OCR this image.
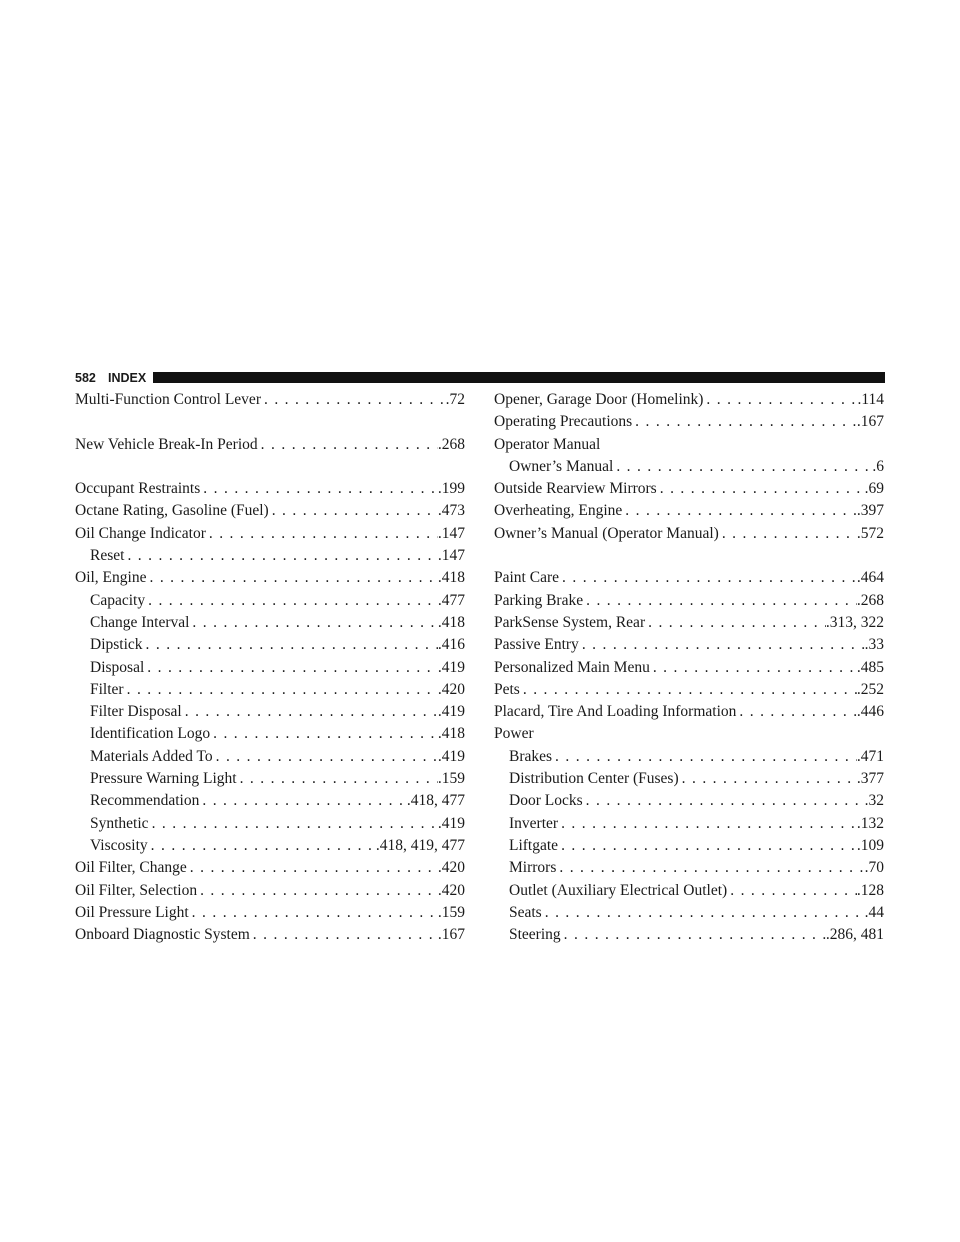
582 INDEX
Multi-Function Control Lever . . .	.72
New Vehicle Break-In Period . . .	.268
Occupant Restraints . . .	.199
Octane Rating, Gasoline (Fuel) . . .	.473
Oil Change Indicator . . .	.147
Reset . . .	.147
Oil, Engine . . .	.418
Capacity . . .	.477
Change Interval . . .	.418
Dipstick . . .	.416
Disposal . . .	.419
Filter . . .	.420
Filter Disposal . . .	.419
Identification Logo . . .	.418
Materials Added To . . .	.419
Pressure Warning Light . . .	.159
Recommendation . . .	.418, 477
Synthetic . . .	.419
Viscosity . . .	.418, 419, 477
Oil Filter, Change . . .	.420
Oil Filter, Selection . . .	.420
Oil Pressure Light . . .	.159
Onboard Diagnostic System . . .	.167
Opener, Garage Door (Homelink) . . .	.114
Operating Precautions . . .	.167
Operator Manual
Owner’s Manual . . .	.6
Outside Rearview Mirrors . . .	.69
Overheating, Engine . . .	.397
Owner’s Manual (Operator Manual) . . .	.572
Paint Care . . .	.464
Parking Brake . . .	.268
ParkSense System, Rear . . .	.313, 322
Passive Entry . . .	.33
Personalized Main Menu . . .	.485
Pets . . .	.252
Placard, Tire And Loading Information . . .	.446
Power
Brakes . . .	.471
Distribution Center (Fuses) . . .	.377
Door Locks . . .	.32
Inverter . . .	.132
Liftgate . . .	.109
Mirrors . . .	.70
Outlet (Auxiliary Electrical Outlet) . . .	.128
Seats . . .	.44
Steering . . .	.286, 481
